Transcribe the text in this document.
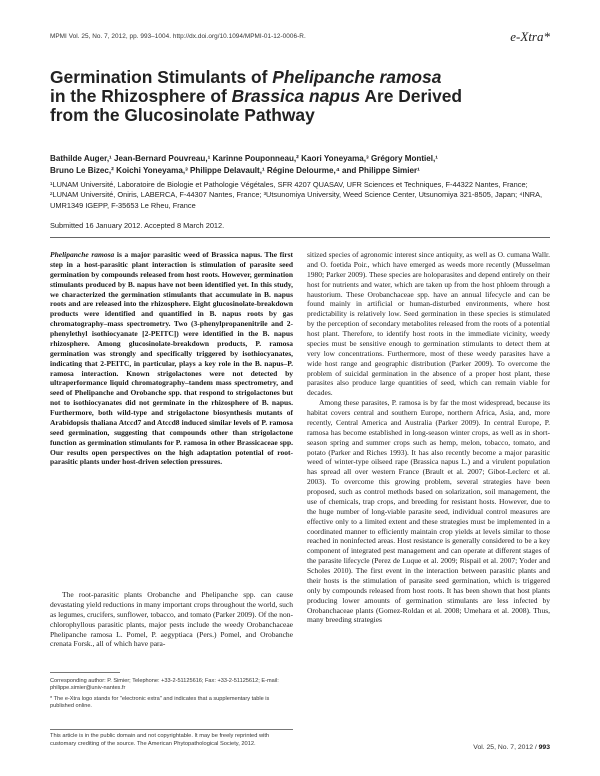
MPMI Vol. 25, No. 7, 2012, pp. 993–1004. http://dx.doi.org/10.1094/MPMI-01-12-0006-R.	e-Xtra*
Germination Stimulants of Phelipanche ramosa
in the Rhizosphere of Brassica napus Are Derived
from the Glucosinolate Pathway
Bathilde Auger,¹ Jean-Bernard Pouvreau,¹ Karinne Pouponneau,² Kaori Yoneyama,³ Grégory Montiel,¹
Bruno Le Bizec,² Koichi Yoneyama,³ Philippe Delavault,¹ Régine Delourme,⁴ and Philippe Simier¹
¹LUNAM Université, Laboratoire de Biologie et Pathologie Végétales, SFR 4207 QUASAV, UFR Sciences et Techniques, F-44322 Nantes, France; ²LUNAM Université, Oniris, LABERCA, F-44307 Nantes, France; ³Utsunomiya University, Weed Science Center, Utsunomiya 321-8505, Japan; ⁴INRA, UMR1349 IGEPP, F-35653 Le Rheu, France
Submitted 16 January 2012. Accepted 8 March 2012.

Phelipanche ramosa is a major parasitic weed of Brassica napus. The first step in a host-parasitic plant interaction is stimulation of parasite seed germination by compounds released from host roots. However, germination stimulants produced by B. napus have not been identified yet. In this study, we characterized the germination stimulants that accumulate in B. napus roots and are released into the rhizosphere. Eight glucosinolate-breakdown products were identified and quantified in B. napus roots by gas chromatography–mass spectrometry. Two (3-phenylpropanenitrile and 2-phenylethyl isothiocyanate [2-PEITC]) were identified in the B. napus rhizosphere. Among glucosinolate-breakdown products, P. ramosa germination was strongly and specifically triggered by isothiocyanates, indicating that 2-PEITC, in particular, plays a key role in the B. napus–P. ramosa interaction. Known strigolactones were not detected by ultraperformance liquid chromatography–tandem mass spectrometry, and seed of Phelipanche and Orobanche spp. that respond to strigolactones but not to isothiocyanates did not germinate in the rhizosphere of B. napus. Furthermore, both wild-type and strigolactone biosynthesis mutants of Arabidopsis thaliana Atccd7 and Atccd8 induced similar levels of P. ramosa seed germination, suggesting that compounds other than strigolactone function as germination stimulants for P. ramosa in other Brassicaceae spp. Our results open perspectives on the high adaptation potential of root-parasitic plants under host-driven selection pressures.

The root-parasitic plants Orobanche and Phelipanche spp. can cause devastating yield reductions in many important crops throughout the world, such as legumes, crucifers, sunflower, tobacco, and tomato (Parker 2009). Of the non-chlorophyllous parasitic plants, major pests include the weedy Orobanchaceae Phelipanche ramosa L. Pomel, P. aegyptiaca (Pers.) Pomel, and Orobanche crenata Forsk., all of which have para-

Corresponding author: P. Simier; Telephone: +33-2-51125616; Fax: +33-2-51125612; E-mail: philippe.simier@univ-nantes.fr

* The e-Xtra logo stands for "electronic extra" and indicates that a supplementary table is published online.

This article is in the public domain and not copyrightable. It may be freely reprinted with customary crediting of the source. The American Phytopathological Society, 2012.

sitized species of agronomic interest since antiquity, as well as O. cumana Wallr. and O. foetida Poir., which have emerged as weeds more recently (Musselman 1980; Parker 2009). These species are holoparasites and depend entirely on their host for nutrients and water, which are taken up from the host phloem through a haustorium. These Orobanchaceae spp. have an annual lifecycle and can be found mainly in artificial or human-disturbed environments, where host predictability is relatively low. Seed germination in these species is stimulated by the perception of secondary metabolites released from the roots of a potential host plant. Therefore, to identify host roots in the immediate vicinity, weedy species must be sensitive enough to germination stimulants to detect them at very low concentrations. Furthermore, most of these weedy parasites have a wide host range and geographic distribution (Parker 2009). To overcome the problem of suicidal germination in the absence of a proper host plant, these parasites also produce large quantities of seed, which can remain viable for decades.

Among these parasites, P. ramosa is by far the most widespread, because its habitat covers central and southern Europe, northern Africa, Asia, and, more recently, Central America and Australia (Parker 2009). In central Europe, P. ramosa has become established in long-season winter crops, as well as in short-season spring and summer crops such as hemp, melon, tobacco, tomato, and potato (Parker and Riches 1993). It has also recently become a major parasitic weed of winter-type oilseed rape (Brassica napus L.) and a virulent population has spread all over western France (Brault et al. 2007; Gibot-Leclerc et al. 2003). To overcome this growing problem, several strategies have been proposed, such as control methods based on solarization, soil management, the use of chemicals, trap crops, and breeding for resistant hosts. However, due to the huge number of long-viable parasite seed, individual control measures are effective only to a limited extent and these strategies must be implemented in a coordinated manner to efficiently maintain crop yields at levels similar to those reached in noninfected areas. Host resistance is generally considered to be a key component of integrated pest management and can operate at different stages of the parasite lifecycle (Perez de Luque et al. 2009; Rispail et al. 2007; Yoder and Scholes 2010). The first event in the interaction between parasitic plants and their hosts is the stimulation of parasite seed germination, which is triggered only by compounds released from host roots. It has been shown that host plants producing lower amounts of germination stimulants are less infected by Orobanchaceae plants (Gomez-Roldan et al. 2008; Umehara et al. 2008). Thus, many breeding strategies

Vol. 25, No. 7, 2012 / 993
